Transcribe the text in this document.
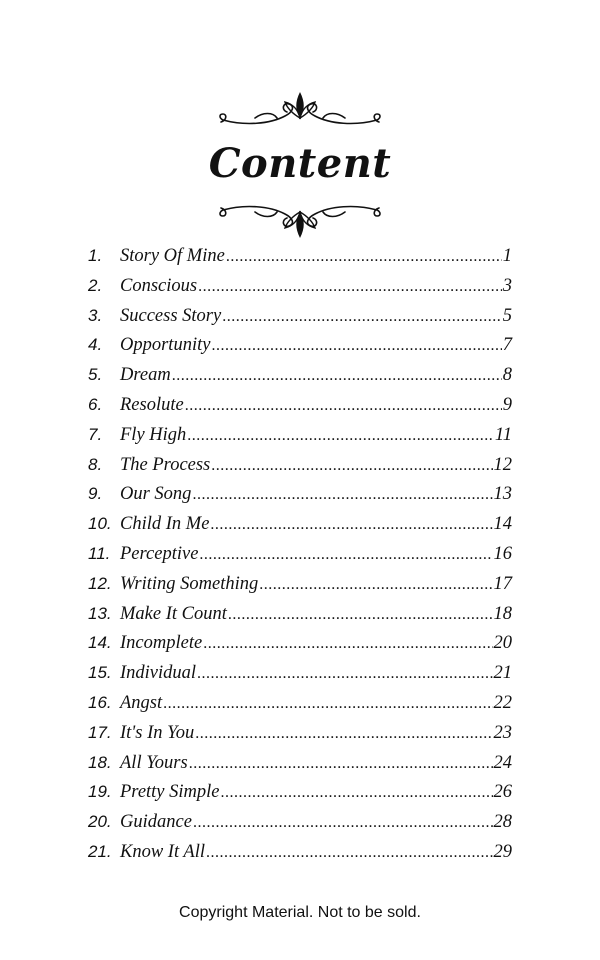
Content
1. Story Of Mine .....	1
2. Conscious .....	3
3. Success Story .....	5
4. Opportunity .....	7
5. Dream .....	8
6. Resolute .....	9
7. Fly High .....	11
8. The Process .....	12
9. Our Song .....	13
10. Child In Me .....	14
11. Perceptive .....	16
12. Writing Something .....	17
13. Make It Count .....	18
14. Incomplete .....	20
15. Individual .....	21
16. Angst .....	22
17. It's In You .....	23
18. All Yours .....	24
19. Pretty Simple .....	26
20. Guidance .....	28
21. Know It All .....	29
Copyright Material. Not to be sold.
